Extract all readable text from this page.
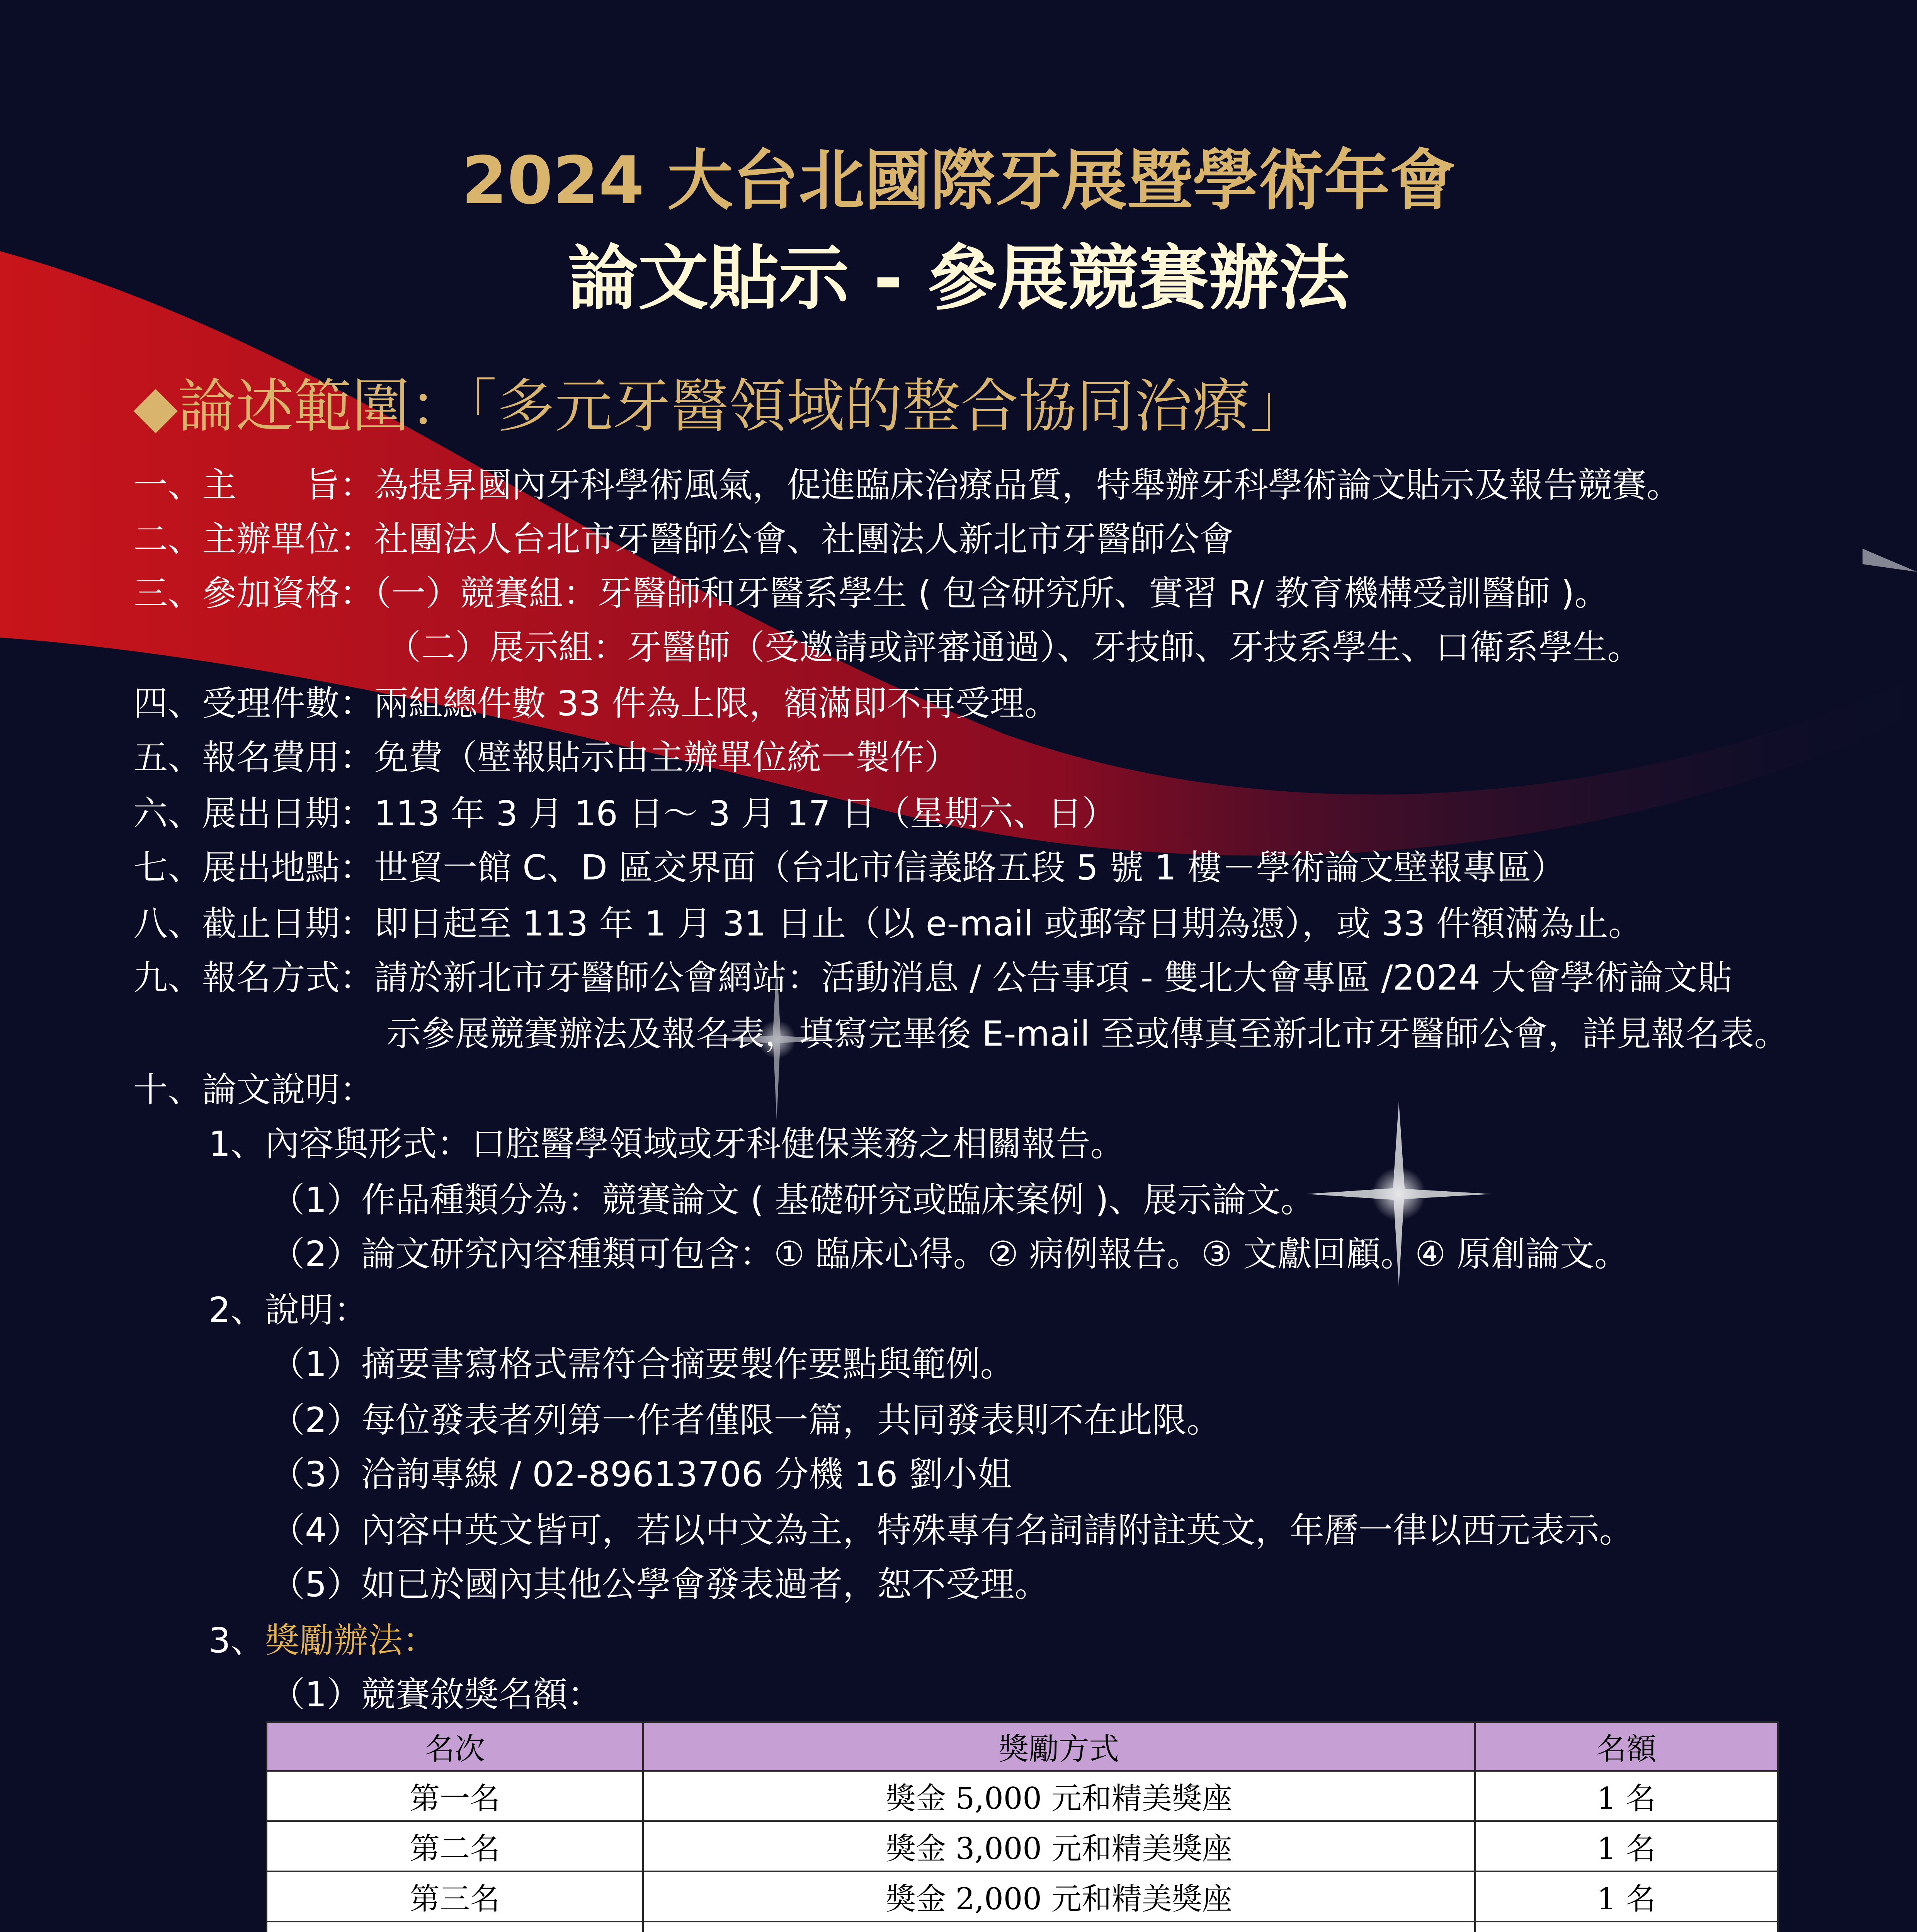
2024 大台北國際牙展暨學術年會
論文貼示 - 參展競賽辦法
◆論述範圍：「多元牙醫領域的整合協同治療」
一、主　　旨：為提昇國內牙科學術風氣，促進臨床治療品質，特舉辦牙科學術論文貼示及報告競賽。
二、主辦單位：社團法人台北市牙醫師公會、社團法人新北市牙醫師公會
三、參加資格：（一）競賽組：牙醫師和牙醫系學生 ( 包含研究所、實習 R/ 教育機構受訓醫師 )。
（二）展示組：牙醫師（受邀請或評審通過）、牙技師、牙技系學生、口衛系學生。
四、受理件數：兩組總件數 33 件為上限，額滿即不再受理。
五、報名費用：免費（壁報貼示由主辦單位統一製作）
六、展出日期：113 年 3 月 16 日～ 3 月 17 日（星期六、日）
七、展出地點：世貿一館 C、D 區交界面（台北市信義路五段 5 號 1 樓－學術論文壁報專區）
八、截止日期：即日起至 113 年 1 月 31 日止（以 e-mail 或郵寄日期為憑），或 33 件額滿為止。
九、報名方式：請於新北市牙醫師公會網站：活動消息 / 公告事項 - 雙北大會專區 /2024 大會學術論文貼
示參展競賽辦法及報名表，填寫完畢後 E-mail 至或傳真至新北市牙醫師公會，詳見報名表。
十、論文說明：
1、內容與形式：口腔醫學領域或牙科健保業務之相關報告。
（1）作品種類分為：競賽論文 ( 基礎研究或臨床案例 )、展示論文。
（2）論文研究內容種類可包含：① 臨床心得。② 病例報告。③ 文獻回顧。④ 原創論文。
2、說明：
（1）摘要書寫格式需符合摘要製作要點與範例。
（2）每位發表者列第一作者僅限一篇，共同發表則不在此限。
（3）洽詢專線 / 02-89613706 分機 16 劉小姐
（4）內容中英文皆可，若以中文為主，特殊專有名詞請附註英文，年曆一律以西元表示。
（5）如已於國內其他公學會發表過者，恕不受理。
3、獎勵辦法：
（1）競賽敘獎名額：
名次	獎勵方式	名額
第一名	獎金 5,000 元和精美獎座	1 名
第二名	獎金 3,000 元和精美獎座	1 名
第三名	獎金 2,000 元和精美獎座	1 名
